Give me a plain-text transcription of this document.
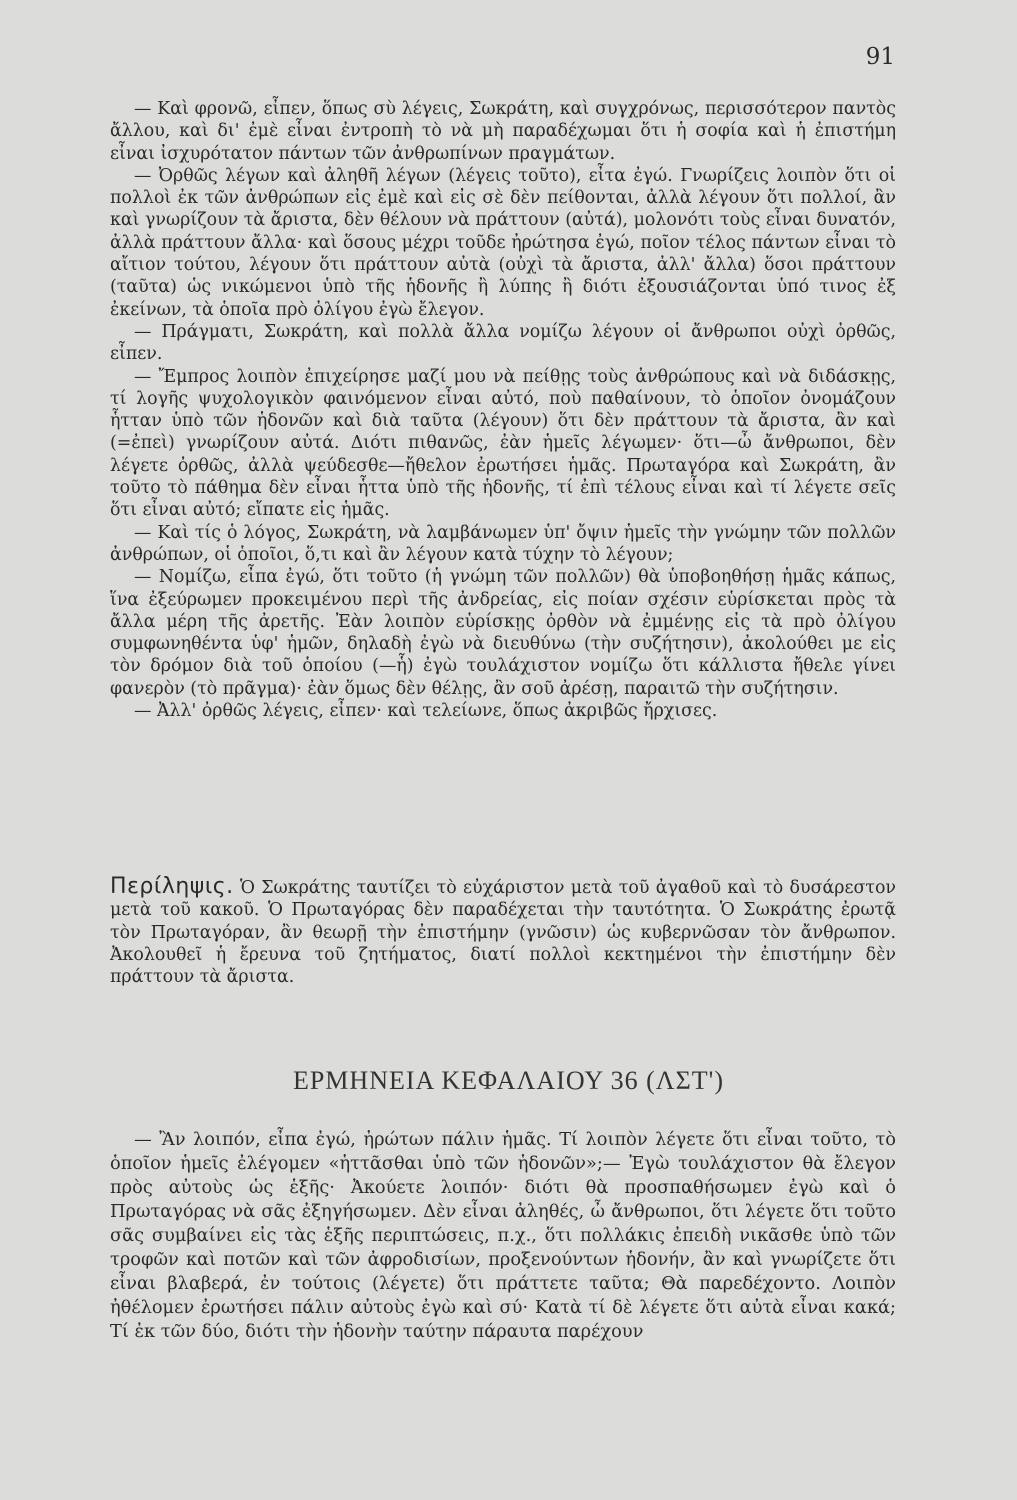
91

— Καὶ φρονῶ, εἶπεν, ὅπως σὺ λέγεις, Σωκράτη, καὶ συγχρόνως, περισσότερον παντὸς ἄλλου, καὶ δι' ἐμὲ εἶναι ἐντροπὴ τὸ νὰ μὴ παραδέχωμαι ὅτι ἡ σοφία καὶ ἡ ἐπιστήμη εἶναι ἰσχυρότατον πάντων τῶν ἀνθρωπίνων πραγμάτων.

— Ὀρθῶς λέγων καὶ ἀληθῆ λέγων (λέγεις τοῦτο), εἶτα ἐγώ. Γνωρίζεις λοιπὸν ὅτι οἱ πολλοὶ ἐκ τῶν ἀνθρώπων εἰς ἐμὲ καὶ εἰς σὲ δὲν πείθονται, ἀλλὰ λέγουν ὅτι πολλοί, ἂν καὶ γνωρίζουν τὰ ἄριστα, δὲν θέλουν νὰ πράττουν (αὐτά), μολονότι τοὺς εἶναι δυνατόν, ἀλλὰ πράττουν ἄλλα· καὶ ὅσους μέχρι τοῦδε ἠρώτησα ἐγώ, ποῖον τέλος πάντων εἶναι τὸ αἴτιον τούτου, λέγουν ὅτι πράττουν αὐτὰ (οὐχὶ τὰ ἄριστα, ἀλλ' ἄλλα) ὅσοι πράττουν (ταῦτα) ὡς νικώμενοι ὑπὸ τῆς ἡδονῆς ἢ λύπης ἢ διότι ἐξουσιάζονται ὑπό τινος ἐξ ἐκείνων, τὰ ὁποῖα πρὸ ὀλίγου ἐγὼ ἔλεγον.

— Πράγματι, Σωκράτη, καὶ πολλὰ ἄλλα νομίζω λέγουν οἱ ἄνθρωποι οὐχὶ ὀρθῶς, εἶπεν.

— Ἔμπρος λοιπὸν ἐπιχείρησε μαζί μου νὰ πείθῃς τοὺς ἀνθρώπους καὶ νὰ διδάσκῃς, τί λογῆς ψυχολογικὸν φαινόμενον εἶναι αὐτό, ποὺ παθαίνουν, τὸ ὁποῖον ὀνομάζουν ἧτταν ὑπὸ τῶν ἡδονῶν καὶ διὰ ταῦτα (λέγουν) ὅτι δὲν πράττουν τὰ ἄριστα, ἂν καὶ (=ἐπεὶ) γνωρίζουν αὐτά. Διότι πιθανῶς, ἐὰν ἡμεῖς λέγωμεν· ὅτι—ὦ ἄνθρωποι, δὲν λέγετε ὀρθῶς, ἀλλὰ ψεύδεσθε—ἤθελον ἐρωτήσει ἡμᾶς. Πρωταγόρα καὶ Σωκράτη, ἂν τοῦτο τὸ πάθημα δὲν εἶναι ἧττα ὑπὸ τῆς ἡδονῆς, τί ἐπὶ τέλους εἶναι καὶ τί λέγετε σεῖς ὅτι εἶναι αὐτό; εἴπατε εἰς ἡμᾶς.

— Καὶ τίς ὁ λόγος, Σωκράτη, νὰ λαμβάνωμεν ὑπ' ὄψιν ἡμεῖς τὴν γνώμην τῶν πολλῶν ἀνθρώπων, οἱ ὁποῖοι, ὅ,τι καὶ ἂν λέγουν κατὰ τύχην τὸ λέγουν;

— Νομίζω, εἶπα ἐγώ, ὅτι τοῦτο (ἡ γνώμη τῶν πολλῶν) θὰ ὑποβοηθήσῃ ἡμᾶς κάπως, ἵνα ἐξεύρωμεν προκειμένου περὶ τῆς ἀνδρείας, εἰς ποίαν σχέσιν εὑρίσκεται πρὸς τὰ ἄλλα μέρη τῆς ἀρετῆς. Ἐὰν λοιπὸν εὑρίσκῃς ὀρθὸν νὰ ἐμμένῃς εἰς τὰ πρὸ ὀλίγου συμφωνηθέντα ὑφ' ἡμῶν, δηλαδὴ ἐγὼ νὰ διευθύνω (τὴν συζήτησιν), ἀκολούθει με εἰς τὸν δρόμον διὰ τοῦ ὁποίου (—ἧ) ἐγὼ τουλάχιστον νομίζω ὅτι κάλλιστα ἤθελε γίνει φανερὸν (τὸ πρᾶγμα)· ἐὰν ὅμως δὲν θέλῃς, ἂν σοῦ ἀρέσῃ, παραιτῶ τὴν συζήτησιν.

— Ἀλλ' ὀρθῶς λέγεις, εἶπεν· καὶ τελείωνε, ὅπως ἀκριβῶς ἤρχισες.

Περίληψις. Ὁ Σωκράτης ταυτίζει τὸ εὐχάριστον μετὰ τοῦ ἀγαθοῦ καὶ τὸ δυσάρεστον μετὰ τοῦ κακοῦ. Ὁ Πρωταγόρας δὲν παραδέχεται τὴν ταυτότητα. Ὁ Σωκράτης ἐρωτᾷ τὸν Πρωταγόραν, ἂν θεωρῇ τὴν ἐπιστήμην (γνῶσιν) ὡς κυβερνῶσαν τὸν ἄνθρωπον. Ἀκολουθεῖ ἡ ἔρευνα τοῦ ζητήματος, διατί πολλοὶ κεκτημένοι τὴν ἐπιστήμην δὲν πράττουν τὰ ἄριστα.

ΕΡΜΗΝΕΙΑ ΚΕΦΑΛΑΙΟΥ 36 (ΛΣΤ')

— Ἂν λοιπόν, εἶπα ἐγώ, ἠρώτων πάλιν ἡμᾶς. Τί λοιπὸν λέγετε ὅτι εἶναι τοῦτο, τὸ ὁποῖον ἡμεῖς ἐλέγομεν «ἡττᾶσθαι ὑπὸ τῶν ἡδονῶν»;— Ἐγὼ τουλάχιστον θὰ ἔλεγον πρὸς αὐτοὺς ὡς ἑξῆς· Ἀκούετε λοιπόν· διότι θὰ προσπαθήσωμεν ἐγὼ καὶ ὁ Πρωταγόρας νὰ σᾶς ἐξηγήσωμεν. Δὲν εἶναι ἀληθές, ὦ ἄνθρωποι, ὅτι λέγετε ὅτι τοῦτο σᾶς συμβαίνει εἰς τὰς ἑξῆς περιπτώσεις, π.χ., ὅτι πολλάκις ἐπειδὴ νικᾶσθε ὑπὸ τῶν τροφῶν καὶ ποτῶν καὶ τῶν ἀφροδισίων, προξενούντων ἡδονήν, ἂν καὶ γνωρίζετε ὅτι εἶναι βλαβερά, ἐν τούτοις (λέγετε) ὅτι πράττετε ταῦτα; Θὰ παρεδέχοντο. Λοιπὸν ἠθέλομεν ἐρωτήσει πάλιν αὐτοὺς ἐγὼ καὶ σύ· Κατὰ τί δὲ λέγετε ὅτι αὐτὰ εἶναι κακά; Τί ἐκ τῶν δύο, διότι τὴν ἡδονὴν ταύτην πάραυτα παρέχουν
